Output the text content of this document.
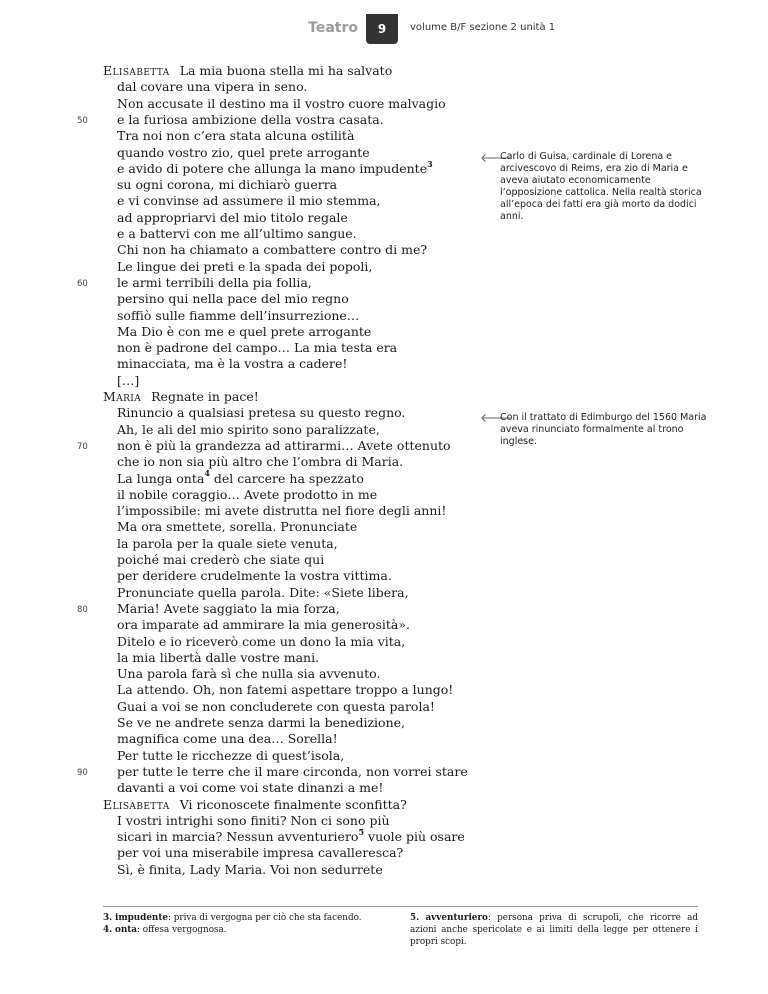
Teatro	9	volume B/F sezione 2 unità 1
Elisabetta La mia buona stella mi ha salvato
dal covare una vipera in seno.
Non accusate il destino ma il vostro cuore malvagio
e la furiosa ambizione della vostra casata.
Tra noi non c’era stata alcuna ostilità
quando vostro zio, quel prete arrogante
e avido di potere che allunga la mano impudente$^3$
su ogni corona, mi dichiarò guerra
e vi convinse ad assumere il mio stemma,
ad appropriarvi del mio titolo regale
e a battervi con me all’ultimo sangue.
Chi non ha chiamato a combattere contro di me?
Le lingue dei preti e la spada dei popoli,
le armi terribili della pia follia,
persino qui nella pace del mio regno
soffiò sulle fiamme dell’insurrezione…
Ma Dio è con me e quel prete arrogante
non è padrone del campo… La mia testa era
minacciata, ma è la vostra a cadere!
[…]
Maria Regnate in pace!
Rinuncio a qualsiasi pretesa su questo regno.
Ah, le ali del mio spirito sono paralizzate,
non è più la grandezza ad attirarmi… Avete ottenuto
che io non sia più altro che l’ombra di Maria.
La lunga onta$^4$ del carcere ha spezzato
il nobile coraggio… Avete prodotto in me
l’impossibile: mi avete distrutta nel fiore degli anni!
Ma ora smettete, sorella. Pronunciate
la parola per la quale siete venuta,
poiché mai crederò che siate qui
per deridere crudelmente la vostra vittima.
Pronunciate quella parola. Dite: «Siete libera,
Maria! Avete saggiato la mia forza,
ora imparate ad ammirare la mia generosità».
Ditelo e io riceverò come un dono la mia vita,
la mia libertà dalle vostre mani.
Una parola farà sì che nulla sia avvenuto.
La attendo. Oh, non fatemi aspettare troppo a lungo!
Guai a voi se non concluderete con questa parola!
Se ve ne andrete senza darmi la benedizione,
magnifica come una dea… Sorella!
Per tutte le ricchezze di quest’isola,
per tutte le terre che il mare circonda, non vorrei stare
davanti a voi come voi state dinanzi a me!
Elisabetta Vi riconoscete finalmente sconfitta?
I vostri intrighi sono finiti? Non ci sono più
sicari in marcia? Nessun avventuriero$^5$ vuole più osare
per voi una miserabile impresa cavalleresca?
Sì, è finita, Lady Maria. Voi non sedurrete
50
60
70
80
90
🡐
Carlo di Guisa, cardinale di Lorena e arcivescovo di Reims, era zio di Maria e aveva aiutato economicamente l’opposizione cattolica. Nella realtà storica all’epoca dei fatti era già morto da dodici anni.
🡐
Con il trattato di Edimburgo del 1560 Maria aveva rinunciato formalmente al trono inglese.

3. impudente: priva di vergogna per ciò che sta facendo.

4. onta: offesa vergognosa.

5. avventuriero: persona priva di scrupoli, che ricorre ad azioni anche spericolate e ai limiti della legge per ottenere i propri scopi.
